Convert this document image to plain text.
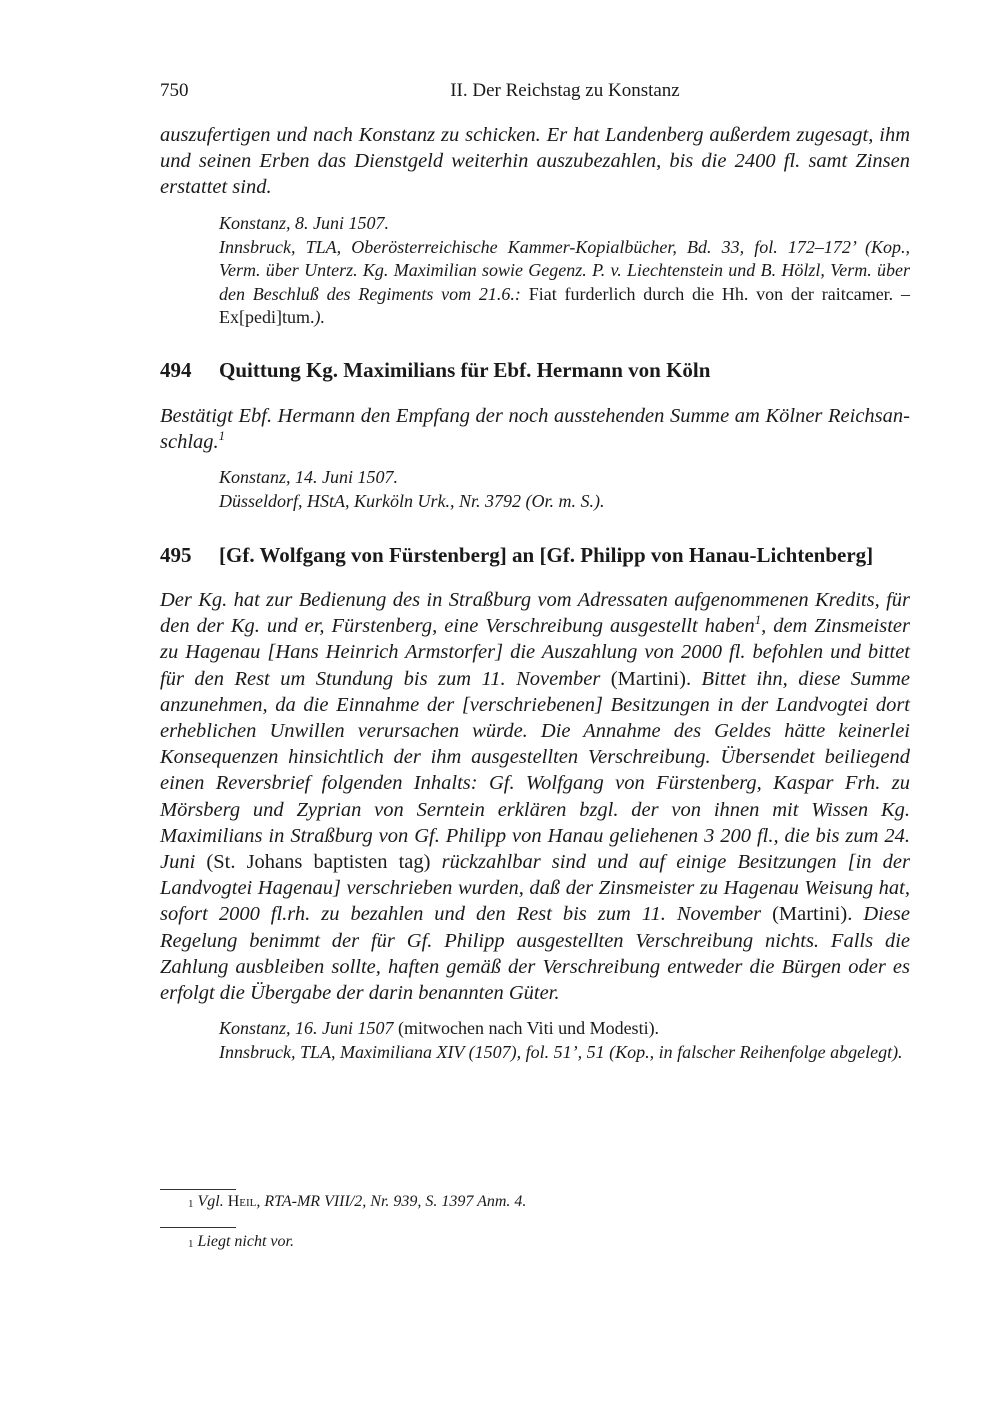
750	II. Der Reichstag zu Konstanz

auszufertigen und nach Konstanz zu schicken. Er hat Landenberg außerdem zugesagt, ihm und seinen Erben das Dienstgeld weiterhin auszubezahlen, bis die 2400 fl. samt Zinsen erstattet sind.

Konstanz, 8. Juni 1507.
Innsbruck, TLA, Oberösterreichische Kammer-Kopialbücher, Bd. 33, fol. 172–172’ (Kop., Verm. über Unterz. Kg. Maximilian sowie Gegenz. P. v. Liechtenstein und B. Hölzl, Verm. über den Beschluß des Regiments vom 21.6.: Fiat furderlich durch die Hh. von der raitcamer. – Ex[pedi]tum.).
494 Quittung Kg. Maximilians für Ebf. Hermann von Köln

Bestätigt Ebf. Hermann den Empfang der noch ausstehenden Summe am Kölner Reichsan- schlag.$^1$

Konstanz, 14. Juni 1507.
Düsseldorf, HStA, Kurköln Urk., Nr. 3792 (Or. m. S.).
495 [Gf. Wolfgang von Fürstenberg] an [Gf. Philipp von Hanau-Lichtenberg]

Der Kg. hat zur Bedienung des in Straßburg vom Adressaten aufgenommenen Kredits, für den der Kg. und er, Fürstenberg, eine Verschreibung ausgestellt haben$^1$, dem Zinsmeister zu Hagenau [Hans Heinrich Armstorfer] die Auszahlung von 2000 fl. befohlen und bittet für den Rest um Stundung bis zum 11. November (Martini). Bittet ihn, diese Summe anzunehmen, da die Einnahme der [verschriebenen] Besitzungen in der Landvogtei dort erheblichen Unwillen verursachen würde. Die Annahme des Geldes hätte keinerlei Konsequenzen hinsichtlich der ihm ausgestellten Verschreibung. Übersendet beiliegend einen Reversbrief folgenden Inhalts: Gf. Wolfgang von Fürstenberg, Kaspar Frh. zu Mörsberg und Zyprian von Serntein erklären bzgl. der von ihnen mit Wissen Kg. Maximilians in Straßburg von Gf. Philipp von Hanau geliehenen 3 200 fl., die bis zum 24. Juni (St. Johans baptisten tag) rückzahlbar sind und auf einige Besitzungen [in der Landvogtei Hagenau] verschrieben wurden, daß der Zinsmeister zu Hagenau Weisung hat, sofort 2000 fl.rh. zu bezahlen und den Rest bis zum 11. November (Martini). Diese Regelung benimmt der für Gf. Philipp ausgestellten Verschreibung nichts. Falls die Zahlung ausbleiben sollte, haften gemäß der Verschreibung entweder die Bürgen oder es erfolgt die Übergabe der darin benannten Güter.

Konstanz, 16. Juni 1507 (mitwochen nach Viti und Modesti).
Innsbruck, TLA, Maximiliana XIV (1507), fol. 51’, 51 (Kop., in falscher Reihenfolge abgelegt).
$^1$ Vgl. Heil, RTA-MR VIII/2, Nr. 939, S. 1397 Anm. 4.
$^1$ Liegt nicht vor.
